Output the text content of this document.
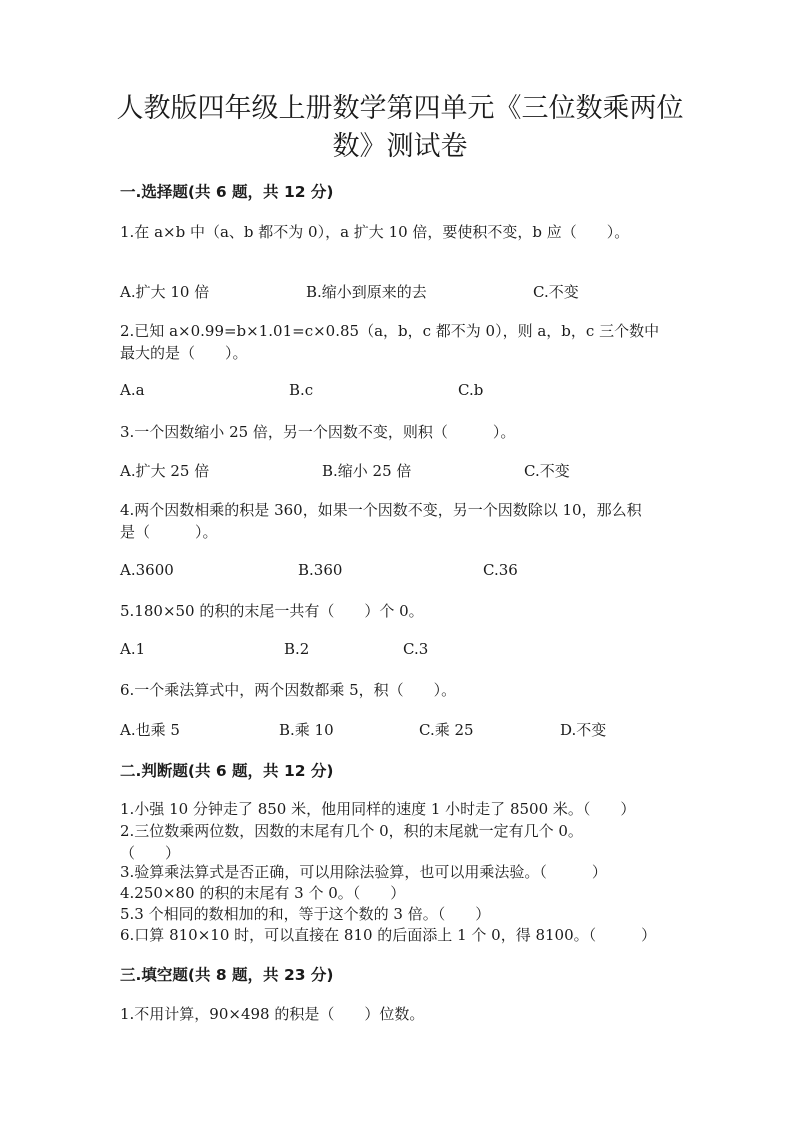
人教版四年级上册数学第四单元《三位数乘两位
数》测试卷
一.选择题(共 6 题，共 12 分)
1.在 a×b 中（a、b 都不为 0），a 扩大 10 倍，要使积不变，b 应（　　）。
A.扩大 10 倍	B.缩小到原来的去	C.不变
2.已知 a×0.99=b×1.01=c×0.85（a，b，c 都不为 0），则 a，b，c 三个数中
最大的是（　　）。
A.a	B.c	C.b
3.一个因数缩小 25 倍，另一个因数不变，则积（　　　）。
A.扩大 25 倍	B.缩小 25 倍	C.不变
4.两个因数相乘的积是 360，如果一个因数不变，另一个因数除以 10，那么积
是（　　　）。
A.3600	B.360	C.36
5.180×50 的积的末尾一共有（　　）个 0。
A.1	B.2	C.3
6.一个乘法算式中，两个因数都乘 5，积（　　）。
A.也乘 5	B.乘 10	C.乘 25	D.不变
二.判断题(共 6 题，共 12 分)
1.小强 10 分钟走了 850 米，他用同样的速度 1 小时走了 8500 米。（　　）
2.三位数乘两位数，因数的末尾有几个 0，积的末尾就一定有几个 0。
（　　）
3.验算乘法算式是否正确，可以用除法验算，也可以用乘法验。（　　　）
4.250×80 的积的末尾有 3 个 0。（　　）
5.3 个相同的数相加的和，等于这个数的 3 倍。（　　）
6.口算 810×10 时，可以直接在 810 的后面添上 1 个 0，得 8100。（　　　）
三.填空题(共 8 题，共 23 分)
1.不用计算，90×498 的积是（　　）位数。
